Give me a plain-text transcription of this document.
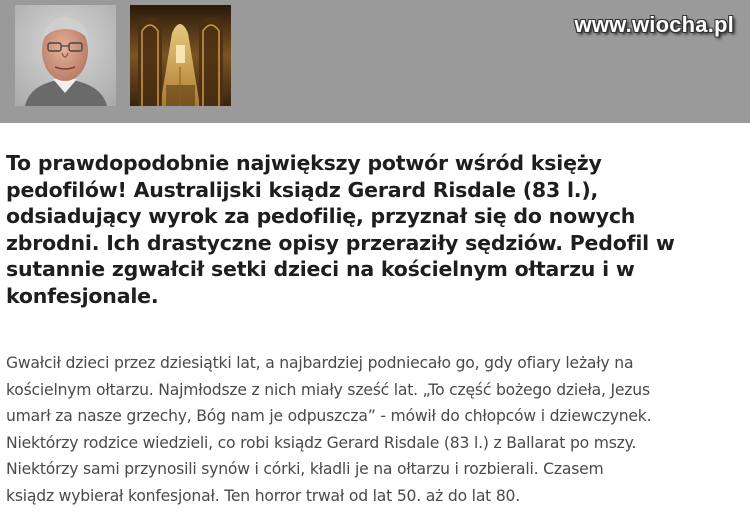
www.wiocha.pl

To prawdopodobnie największy potwór wśród księży
pedofilów! Australijski ksiądz Gerard Risdale (83 l.),
odsiadujący wyrok za pedofilię, przyznał się do nowych
zbrodni. Ich drastyczne opisy przeraziły sędziów. Pedofil w
sutannie zgwałcił setki dzieci na kościelnym ołtarzu i w
konfesjonale.

Gwałcił dzieci przez dziesiątki lat, a najbardziej podniecało go, gdy ofiary leżały na
kościelnym ołtarzu. Najmłodsze z nich miały sześć lat. „To część bożego dzieła, Jezus
umarł za nasze grzechy, Bóg nam je odpuszcza” - mówił do chłopców i dziewczynek.
Niektórzy rodzice wiedzieli, co robi ksiądz Gerard Risdale (83 l.) z Ballarat po mszy.
Niektórzy sami przynosili synów i córki, kładli je na ołtarzu i rozbierali. Czasem
ksiądz wybierał konfesjonał. Ten horror trwał od lat 50. aż do lat 80.
